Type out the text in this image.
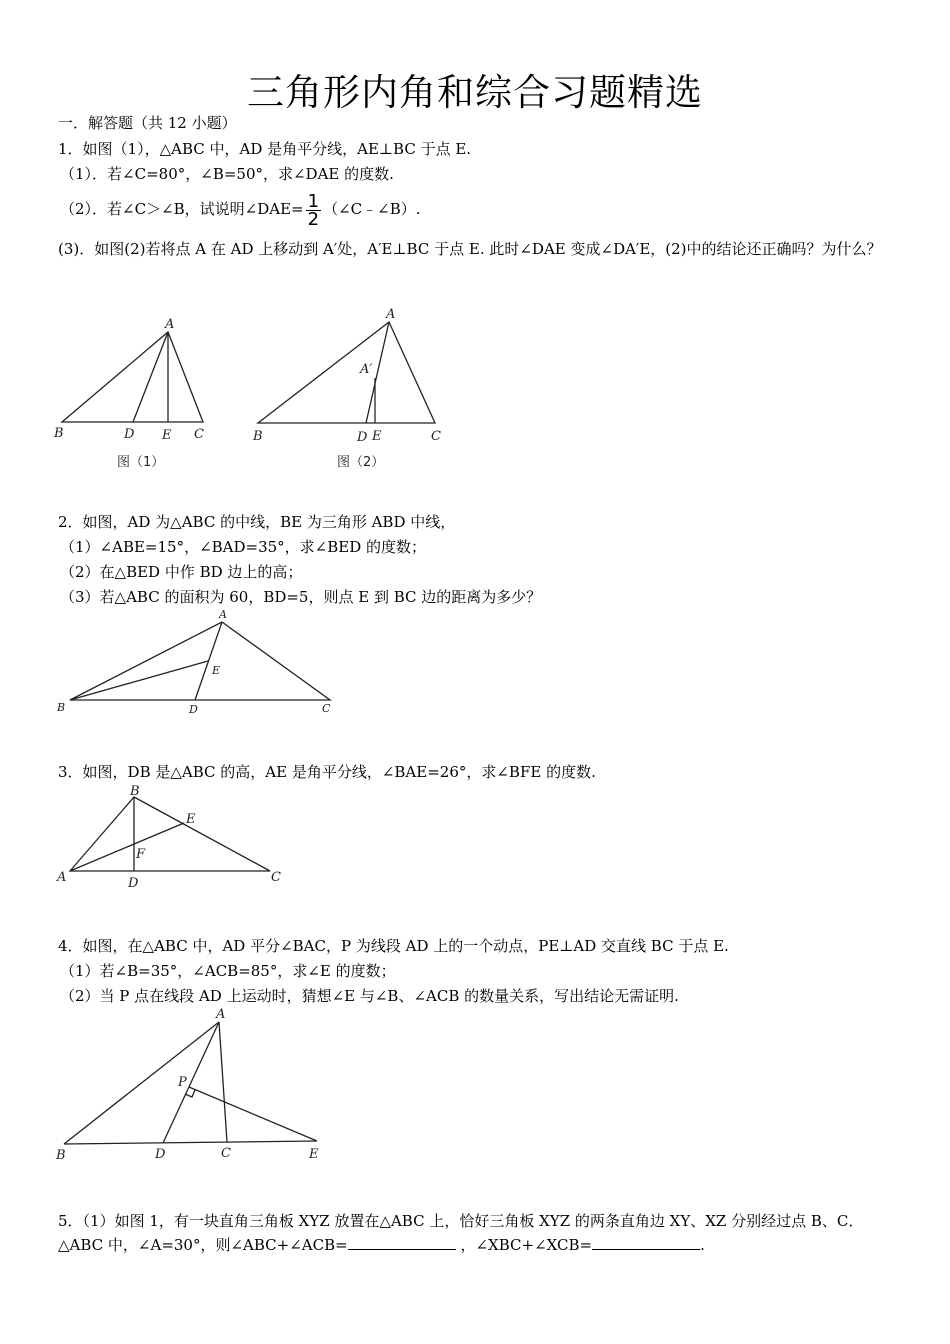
三角形内角和综合习题精选
一．解答题（共 12 小题）
1．如图（1），△ABC 中，AD 是角平分线，AE⊥BC 于点 E.
（1）．若∠C=80°，∠B=50°，求∠DAE 的度数.
（2）．若∠C＞∠B，试说明∠DAE= $\frac{1}{2}$ （∠C﹣∠B）.
(3)．如图(2)若将点 A 在 AD 上移动到 A′处，A′E⊥BC 于点 E. 此时∠DAE 变成∠DA′E，(2)中的结论还正确吗？为什么？
A
B	D E C
图（1）
A
A′
B	D E	C
图（2）
2．如图，AD 为△ABC 的中线，BE 为三角形 ABD 中线，
（1）∠ABE=15°，∠BAD=35°，求∠BED 的度数；
（2）在△BED 中作 BD 边上的高；
（3）若△ABC 的面积为 60，BD=5，则点 E 到 BC 边的距离为多少？
A
B	D
E
C
3．如图，DB 是△ABC 的高，AE 是角平分线，∠BAE=26°，求∠BFE 的度数.
B
E
F
A	D	C
4．如图，在△ABC 中，AD 平分∠BAC，P 为线段 AD 上的一个动点，PE⊥AD 交直线 BC 于点 E.
（1）若∠B=35°，∠ACB=85°，求∠E 的度数；
（2）当 P 点在线段 AD 上运动时，猜想∠E 与∠B、∠ACB 的数量关系，写出结论无需证明.
A
P
B	D	C	E
5．（1）如图 1，有一块直角三角板 XYZ 放置在△ABC 上，恰好三角板 XYZ 的两条直角边 XY、XZ 分别经过点 B、C．△ABC 中，∠A=30°，则∠ABC+∠ACB=	，∠XBC+∠XCB=	.
